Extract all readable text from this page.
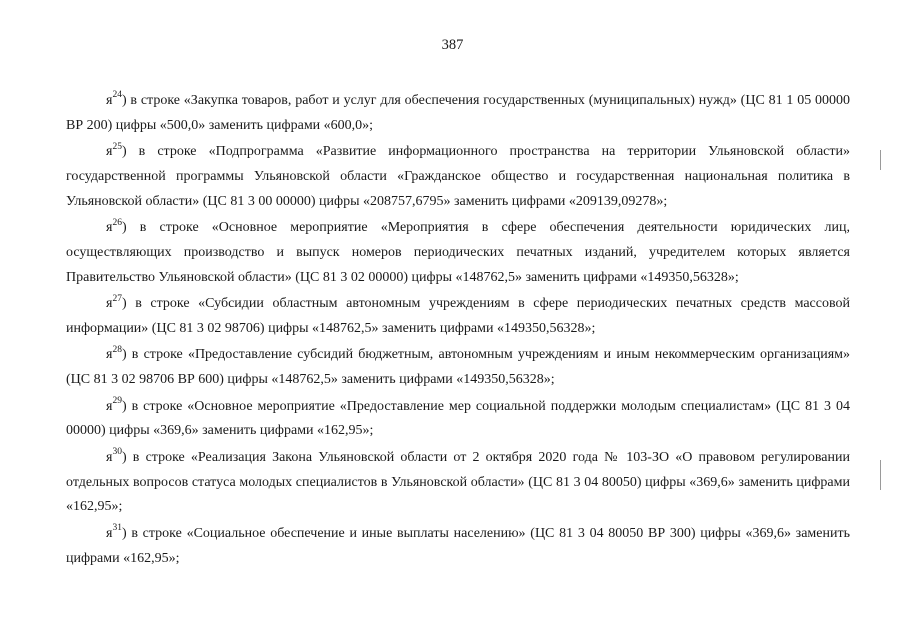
387

$я^{24}$) в строке «Закупка товаров, работ и услуг для обеспечения государственных (муниципальных) нужд» (ЦС 81 1 05 00000 ВР 200) цифры «500,0» заменить цифрами «600,0»;

$я^{25}$) в строке «Подпрограмма «Развитие информационного пространства на территории Ульяновской области» государственной программы Ульяновской области «Гражданское общество и государственная национальная политика в Ульяновской области» (ЦС 81 3 00 00000) цифры «208757,6795» заменить цифрами «209139,09278»;

$я^{26}$) в строке «Основное мероприятие «Мероприятия в сфере обеспечения деятельности юридических лиц, осуществляющих производство и выпуск номеров периодических печатных изданий, учредителем которых является Правительство Ульяновской области» (ЦС 81 3 02 00000) цифры «148762,5» заменить цифрами «149350,56328»;

$я^{27}$) в строке «Субсидии областным автономным учреждениям в сфере периодических печатных средств массовой информации» (ЦС 81 3 02 98706) цифры «148762,5» заменить цифрами «149350,56328»;

$я^{28}$) в строке «Предоставление субсидий бюджетным, автономным учреждениям и иным некоммерческим организациям» (ЦС 81 3 02 98706 ВР 600) цифры «148762,5» заменить цифрами «149350,56328»;

$я^{29}$) в строке «Основное мероприятие «Предоставление мер социальной поддержки молодым специалистам» (ЦС 81 3 04 00000) цифры «369,6» заменить цифрами «162,95»;

$я^{30}$) в строке «Реализация Закона Ульяновской области от 2 октября 2020 года № 103-ЗО «О правовом регулировании отдельных вопросов статуса молодых специалистов в Ульяновской области» (ЦС 81 3 04 80050) цифры «369,6» заменить цифрами «162,95»;

$я^{31}$) в строке «Социальное обеспечение и иные выплаты населению» (ЦС 81 3 04 80050 ВР 300) цифры «369,6» заменить цифрами «162,95»;
